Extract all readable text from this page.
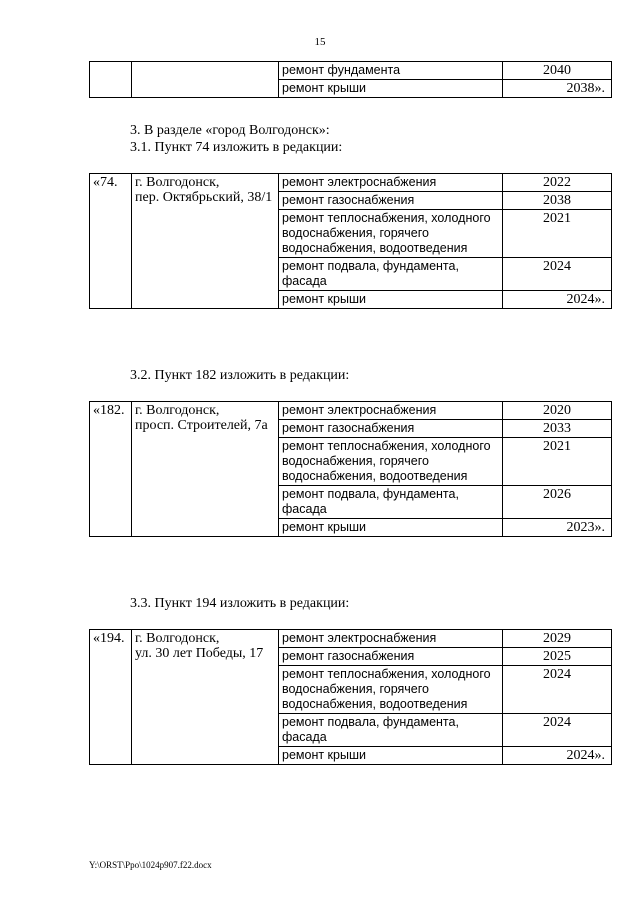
15
		ремонт фундамента	2040
		ремонт крыши	2038».
3. В разделе «город Волгодонск»:
3.1. Пункт 74 изложить в редакции:
«74.	г. Волгодонск,
пер. Октябрьский, 38/1	ремонт электроснабжения	2022
		ремонт газоснабжения	2038
		ремонт теплоснабжения, холодного водоснабжения, горячего водоснабжения, водоотведения	2021
		ремонт подвала, фундамента, фасада	2024
		ремонт крыши	2024».
3.2. Пункт 182 изложить в редакции:
«182.	г. Волгодонск,
просп. Строителей, 7а	ремонт электроснабжения	2020
		ремонт газоснабжения	2033
		ремонт теплоснабжения, холодного водоснабжения, горячего водоснабжения, водоотведения	2021
		ремонт подвала, фундамента, фасада	2026
		ремонт крыши	2023».
3.3. Пункт 194 изложить в редакции:
«194.	г. Волгодонск,
ул. 30 лет Победы, 17	ремонт электроснабжения	2029
		ремонт газоснабжения	2025
		ремонт теплоснабжения, холодного водоснабжения, горячего водоснабжения, водоотведения	2024
		ремонт подвала, фундамента, фасада	2024
		ремонт крыши	2024».
Y:\ORST\Ppo\1024p907.f22.docx
